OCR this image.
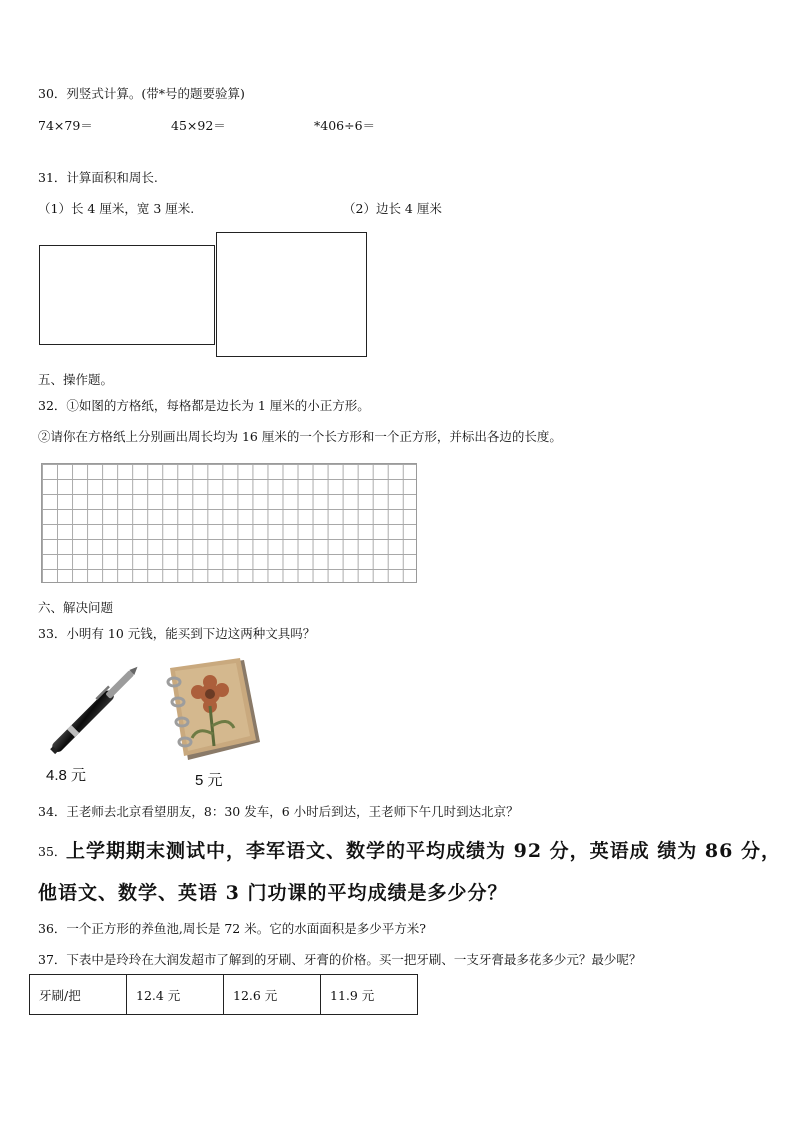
30．列竖式计算。(带*号的题要验算)
74×79＝	45×92＝	*406÷6＝
31．计算面积和周长.
（1）长 4 厘米，宽 3 厘米.	（2）边长 4 厘米
五、操作题。
32．①如图的方格纸，每格都是边长为 1 厘米的小正方形。
②请你在方格纸上分别画出周长均为 16 厘米的一个长方形和一个正方形，并标出各边的长度。
六、解决问题
33．小明有 10 元钱，能买到下边这两种文具吗？
4.8 元	5 元
34．王老师去北京看望朋友，8：30 发车，6 小时后到达，王老师下午几时到达北京？
35． 上学期期末测试中，李军语文、数学的平均成绩为 92 分，英语成 绩为 86 分，
他语文、数学、英语 3 门功课的平均成绩是多少分？
36．一个正方形的养鱼池,周长是 72 米。它的水面面积是多少平方米?
37．下表中是玲玲在大润发超市了解到的牙刷、牙膏的价格。买一把牙刷、一支牙膏最多花多少元？最少呢？
牙刷/把	12.4 元	12.6 元	11.9 元
